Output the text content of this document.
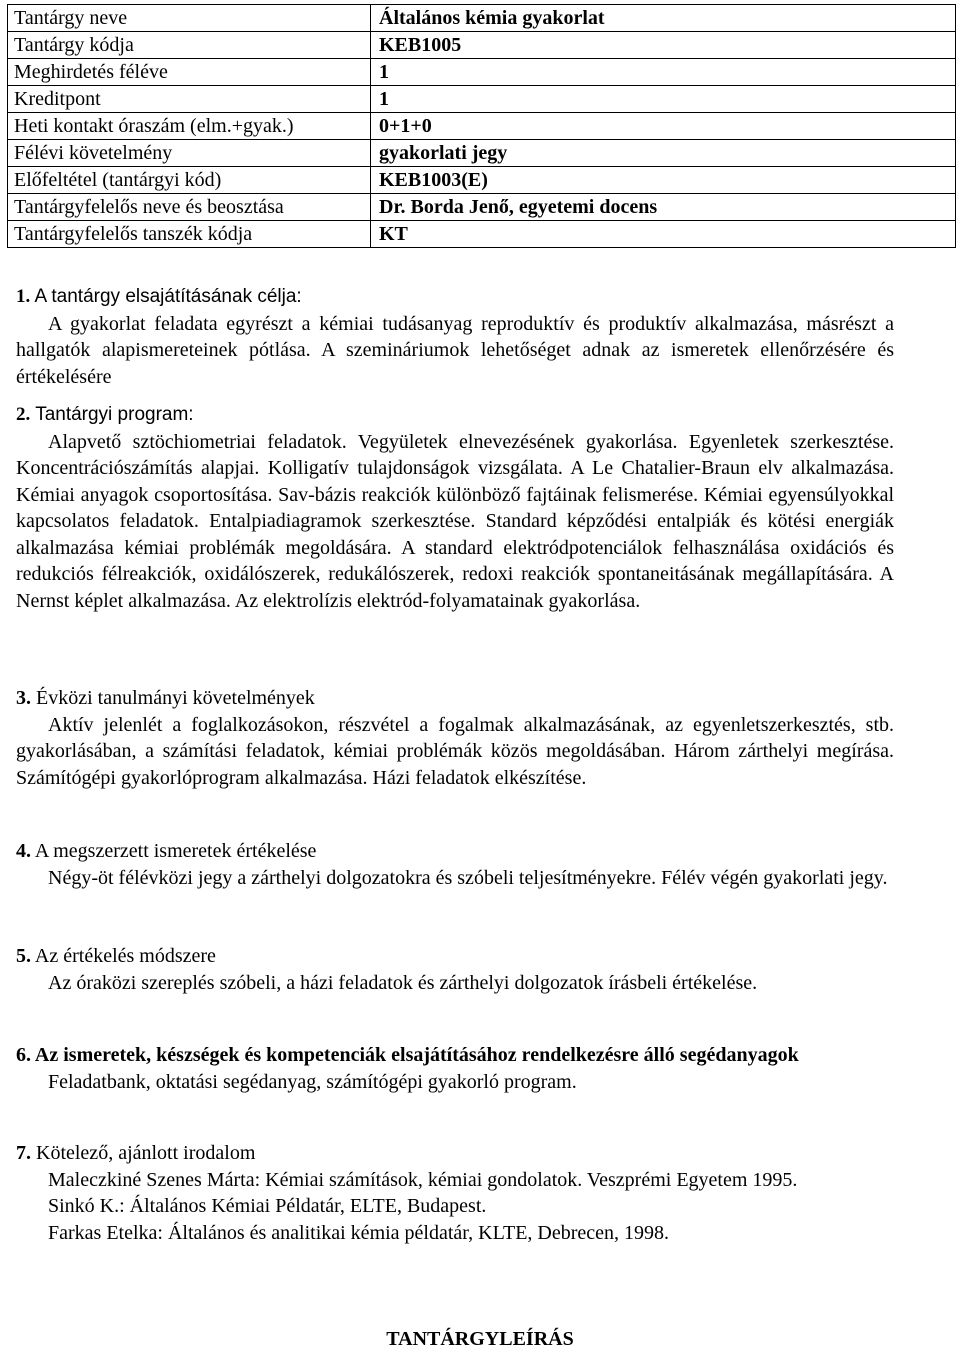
Tantárgy neve	Általános kémia gyakorlat
Tantárgy kódja	KEB1005
Meghirdetés féléve	1
Kreditpont	1
Heti kontakt óraszám (elm.+gyak.)	0+1+0
Félévi követelmény	gyakorlati jegy
Előfeltétel (tantárgyi kód)	KEB1003(E)
Tantárgyfelelős neve és beosztása	Dr. Borda Jenő, egyetemi docens
Tantárgyfelelős tanszék kódja	KT

1. A tantárgy elsajátításának célja:

A gyakorlat feladata egyrészt a kémiai tudásanyag reproduktív és produktív alkalmazása, másrészt a hallgatók alapismereteinek pótlása. A szemináriumok lehetőséget adnak az ismeretek ellenőrzésére és értékelésére

2. Tantárgyi program:

Alapvető sztöchiometriai feladatok. Vegyületek elnevezésének gyakorlása. Egyenletek szerkesztése. Koncentrációszámítás alapjai. Kolligatív tulajdonságok vizsgálata. A Le Chatalier-Braun elv alkalmazása. Kémiai anyagok csoportosítása. Sav-bázis reakciók különböző fajtáinak felismerése. Kémiai egyensúlyokkal kapcsolatos feladatok. Entalpiadiagramok szerkesztése. Standard képződési entalpiák és kötési energiák alkalmazása kémiai problémák megoldására. A standard elektródpotenciálok felhasználása oxidációs és redukciós félreakciók, oxidálószerek, redukálószerek, redoxi reakciók spontaneitásának megállapítására. A Nernst képlet alkalmazása. Az elektrolízis elektród-folyamatainak gyakorlása.

3. Évközi tanulmányi követelmények

Aktív jelenlét a foglalkozásokon, részvétel a fogalmak alkalmazásának, az egyenletszerkesztés, stb. gyakorlásában, a számítási feladatok, kémiai problémák közös megoldásában. Három zárthelyi megírása. Számítógépi gyakorlóprogram alkalmazása. Házi feladatok elkészítése.

4. A megszerzett ismeretek értékelése

Négy-öt félévközi jegy a zárthelyi dolgozatokra és szóbeli teljesítményekre. Félév végén gyakorlati jegy.

5. Az értékelés módszere

Az óraközi szereplés szóbeli, a házi feladatok és zárthelyi dolgozatok írásbeli értékelése.

6. Az ismeretek, készségek és kompetenciák elsajátításához rendelkezésre álló segédanyagok

Feladatbank, oktatási segédanyag, számítógépi gyakorló program.

7. Kötelező, ajánlott irodalom

Maleczkiné Szenes Márta: Kémiai számítások, kémiai gondolatok. Veszprémi Egyetem 1995.

Sinkó K.: Általános Kémiai Példatár, ELTE, Budapest.

Farkas Etelka: Általános és analitikai kémia példatár, KLTE, Debrecen, 1998.

TANTÁRGYLEÍRÁS
